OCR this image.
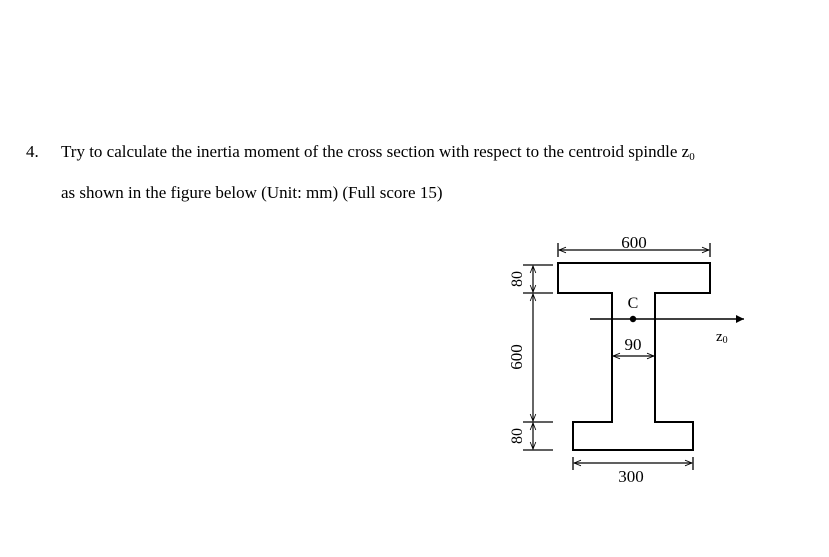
4. Try to calculate the inertia moment of the cross section with respect to the centroid spindle $z_0$
as shown in the figure below (Unit: mm) (Full score 15)
600
300
C
z0
90
80
600
80
